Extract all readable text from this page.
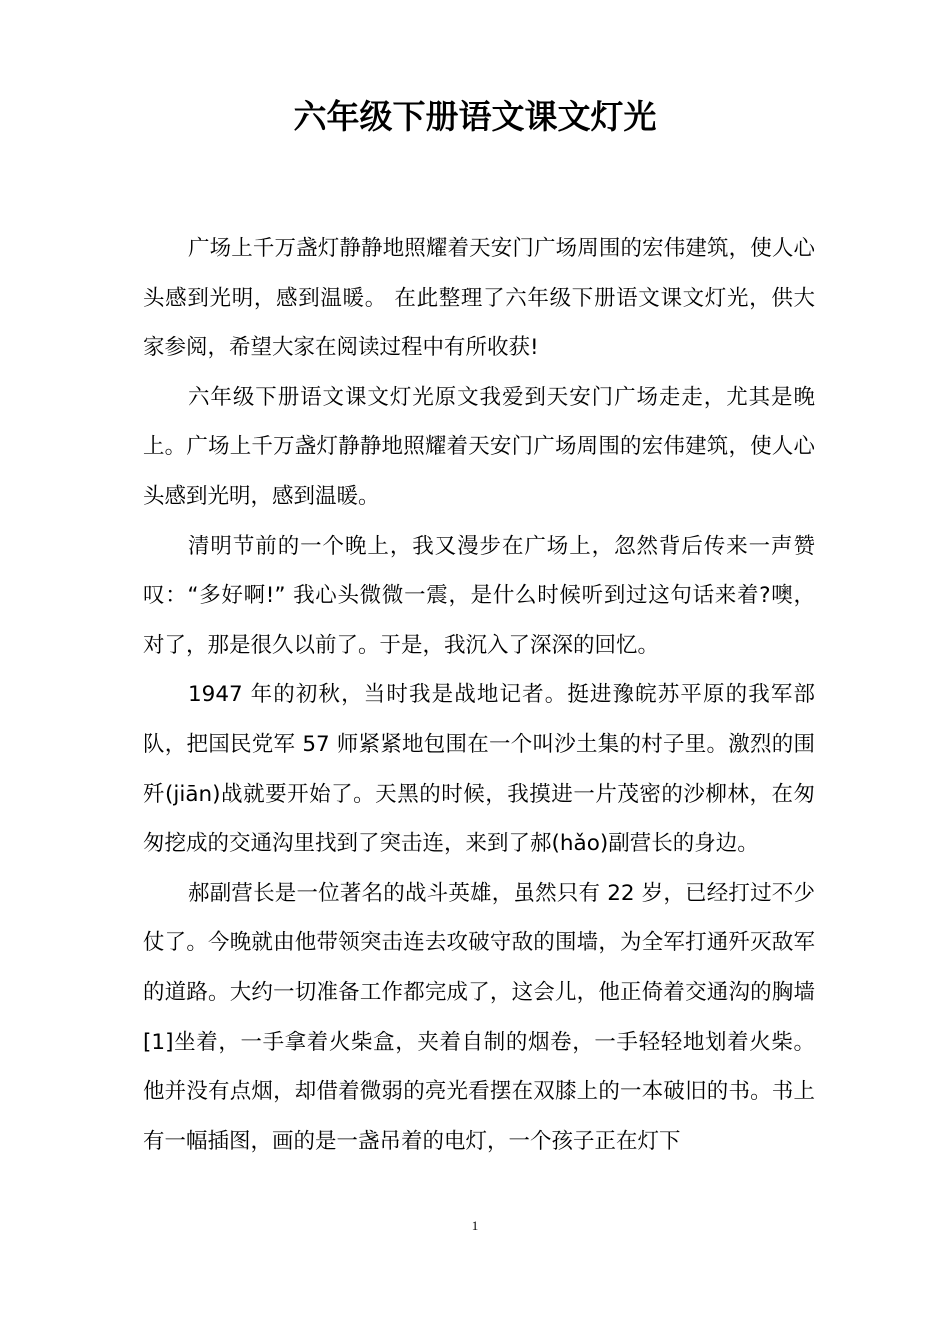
六年级下册语文课文灯光

广场上千万盏灯静静地照耀着天安门广场周围的宏伟建筑，使人心头感到光明，感到温暖。 在此整理了六年级下册语文课文灯光，供大家参阅，希望大家在阅读过程中有所收获!

六年级下册语文课文灯光原文我爱到天安门广场走走，尤其是晚上。广场上千万盏灯静静地照耀着天安门广场周围的宏伟建筑，使人心头感到光明，感到温暖。

清明节前的一个晚上，我又漫步在广场上，忽然背后传来一声赞叹：“多好啊!” 我心头微微一震，是什么时候听到过这句话来着?噢，对了，那是很久以前了。于是，我沉入了深深的回忆。

1947 年的初秋，当时我是战地记者。挺进豫皖苏平原的我军部队，把国民党军 57 师紧紧地包围在一个叫沙土集的村子里。激烈的围歼(jiān)战就要开始了。天黑的时候，我摸进一片茂密的沙柳林，在匆匆挖成的交通沟里找到了突击连，来到了郝(hǎo)副营长的身边。

郝副营长是一位著名的战斗英雄，虽然只有 22 岁，已经打过不少仗了。今晚就由他带领突击连去攻破守敌的围墙，为全军打通歼灭敌军的道路。大约一切准备工作都完成了，这会儿，他正倚着交通沟的胸墙[1]坐着，一手拿着火柴盒，夹着自制的烟卷，一手轻轻地划着火柴。他并没有点烟，却借着微弱的亮光看摆在双膝上的一本破旧的书。书上有一幅插图，画的是一盏吊着的电灯，一个孩子正在灯下

1
